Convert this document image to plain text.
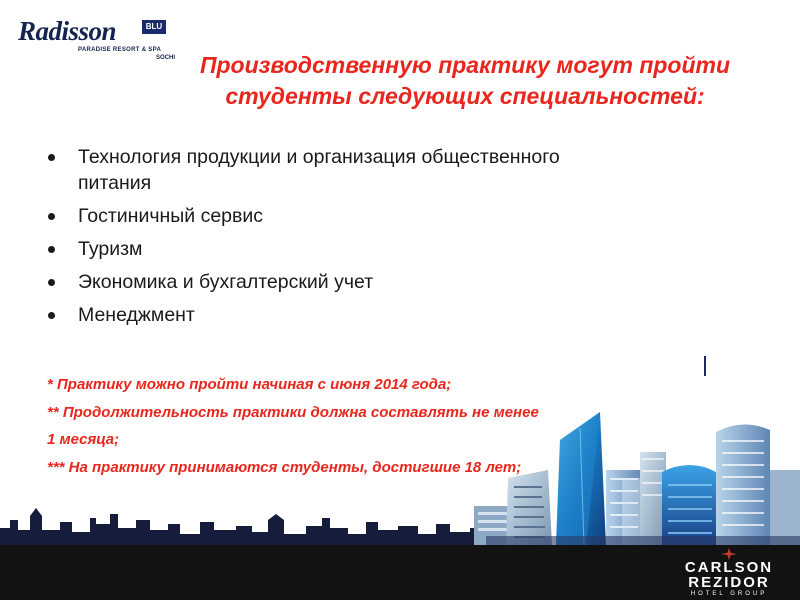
Radisson	BLU
PARADISE RESORT & SPA
SOCHI	Производственную практику могут пройти
студенты следующих специальностей:
Технология продукции и организация общественного
питания
Гостиничный сервис
Туризм
Экономика и бухгалтерский учет
Менеджмент
* Практику можно пройти начиная с июня 2014 года;
** Продолжительность практики должна составлять не менее
1 месяца;
*** На практику принимаются студенты, достигшие 18 лет;
CARLSON
REZIDOR
HOTEL GROUP
